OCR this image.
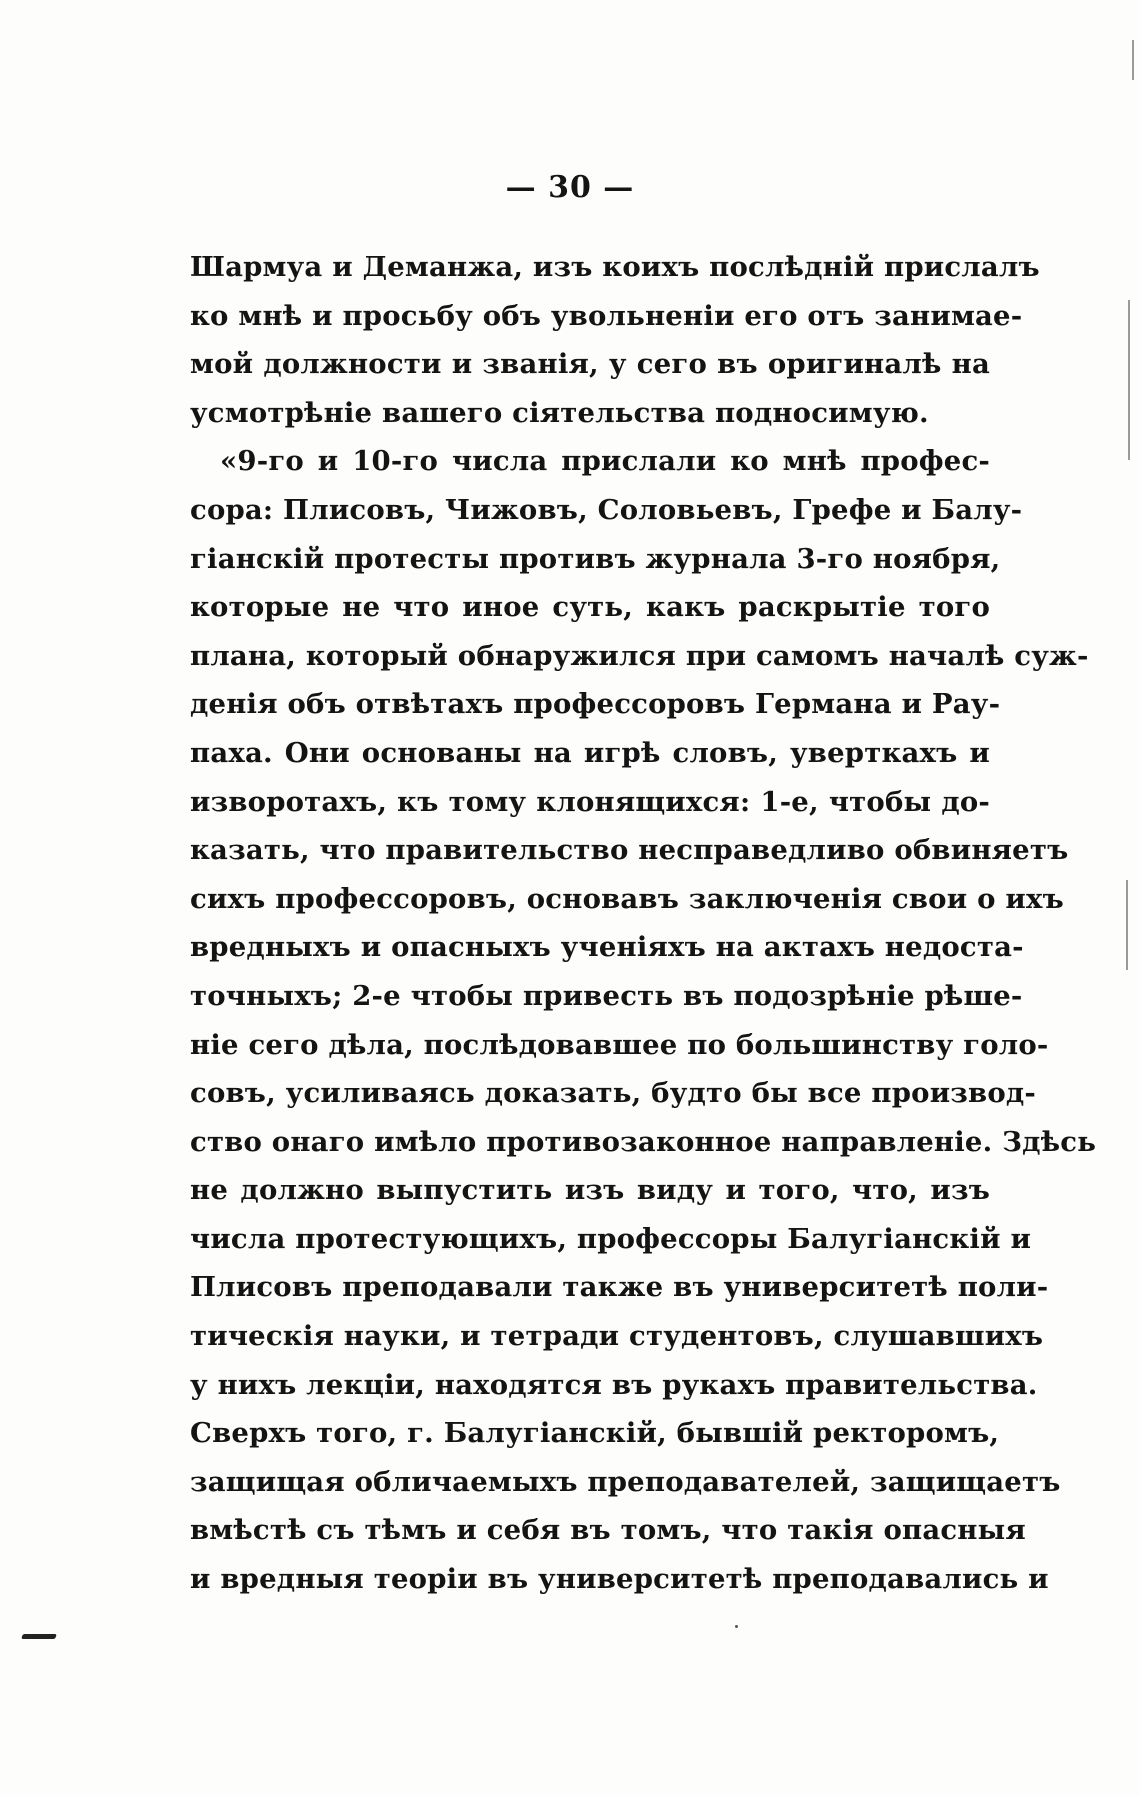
— 30 —
Шармуа и Деманжа, изъ коихъ послѣдній прислалъ
ко мнѣ и просьбу объ увольненіи его отъ занимае-
мой должности и званія, у сего въ оригиналѣ на
усмотрѣніе вашего сіятельства подносимую.
«9-го и 10-го числа прислали ко мнѣ профес-
сора: Плисовъ, Чижовъ, Соловьевъ, Грефе и Балу-
гіанскій протесты противъ журнала 3-го ноября,
которые не что иное суть, какъ раскрытіе того
плана, который обнаружился при самомъ началѣ суж-
денія объ отвѣтахъ профессоровъ Германа и Рау-
паха. Они основаны на игрѣ словъ, уверткахъ и
изворотахъ, къ тому клонящихся: 1-е, чтобы до-
казать, что правительство несправедливо обвиняетъ
сихъ профессоровъ, основавъ заключенія свои о ихъ
вредныхъ и опасныхъ ученіяхъ на актахъ недоста-
точныхъ; 2-е чтобы привесть въ подозрѣніе рѣше-
ніе сего дѣла, послѣдовавшее по большинству голо-
совъ, усиливаясь доказать, будто бы все производ-
ство онаго имѣло противозаконное направленіе. Здѣсь
не должно выпустить изъ виду и того, что, изъ
числа протестующихъ, профессоры Балугіанскій и
Плисовъ преподавали также въ университетѣ поли-
тическія науки, и тетради студентовъ, слушавшихъ
у нихъ лекціи, находятся въ рукахъ правительства.
Сверхъ того, г. Балугіанскій, бывшій ректоромъ,
защищая обличаемыхъ преподавателей, защищаетъ
вмѣстѣ съ тѣмъ и себя въ томъ, что такія опасныя
и вредныя теоріи въ университетѣ преподавались и
